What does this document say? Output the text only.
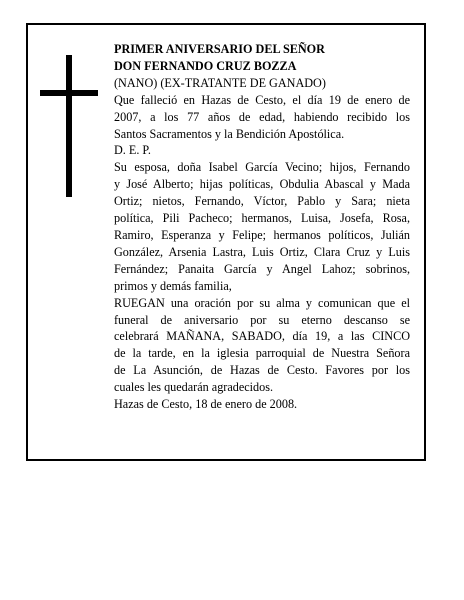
PRIMER ANIVERSARIO DEL SEÑOR
DON FERNANDO CRUZ BOZZA
(NANO) (EX-TRATANTE DE GANADO)
Que falleció en Hazas de Cesto, el día 19 de enero de
2007, a los 77 años de edad, habiendo recibido los
Santos Sacramentos y la Bendición Apostólica.
D. E. P.
Su esposa, doña Isabel García Vecino; hijos, Fernando
y José Alberto; hijas políticas, Obdulia Abascal y Mada
Ortiz; nietos, Fernando, Víctor, Pablo y Sara; nieta
política, Pili Pacheco; hermanos, Luisa, Josefa, Rosa,
Ramiro, Esperanza y Felipe; hermanos políticos, Julián
González, Arsenia Lastra, Luis Ortiz, Clara Cruz y Luis
Fernández; Panaita García y Angel Lahoz; sobrinos,
primos y demás familia,
RUEGAN una oración por su alma y comunican que el
funeral de aniversario por su eterno descanso se
celebrará MAÑANA, SABADO, día 19, a las CINCO
de la tarde, en la iglesia parroquial de Nuestra Señora
de La Asunción, de Hazas de Cesto. Favores por los
cuales les quedarán agradecidos.
Hazas de Cesto, 18 de enero de 2008.
